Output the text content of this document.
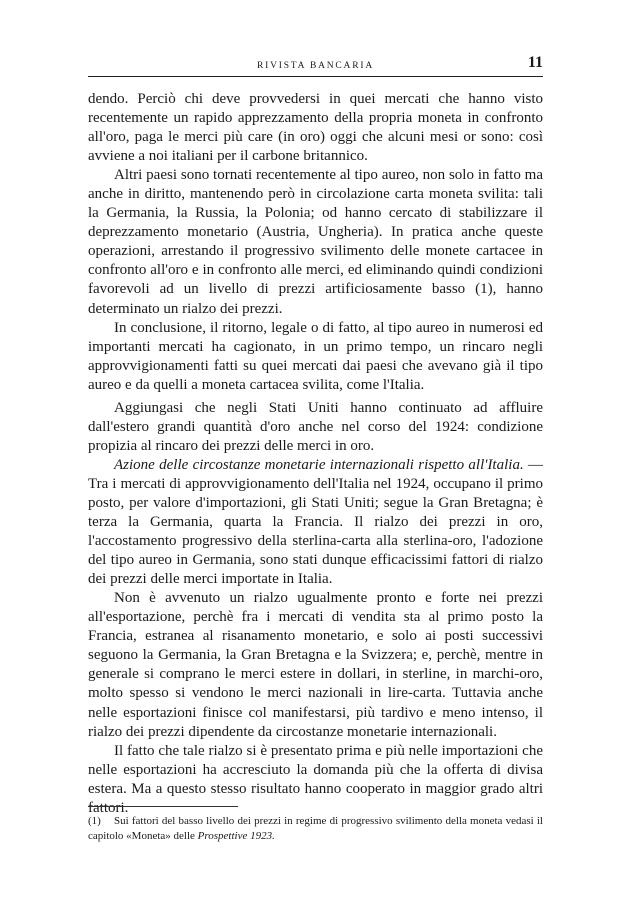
RIVISTA BANCARIA	11

dendo. Perciò chi deve provvedersi in quei mercati che hanno visto recentemente un rapido apprezzamento della propria moneta in confronto all'oro, paga le merci più care (in oro) oggi che alcuni mesi or sono: così avviene a noi italiani per il carbone britannico.

Altri paesi sono tornati recentemente al tipo aureo, non solo in fatto ma anche in diritto, mantenendo però in circolazione carta moneta svilita: tali la Germania, la Russia, la Polonia; od hanno cercato di stabilizzare il deprezzamento monetario (Austria, Ungheria). In pratica anche queste operazioni, arrestando il progressivo svilimento delle monete cartacee in confronto all'oro e in confronto alle merci, ed eliminando quindi condizioni favorevoli ad un livello di prezzi artificiosamente basso (1), hanno determinato un rialzo dei prezzi.

In conclusione, il ritorno, legale o di fatto, al tipo aureo in numerosi ed importanti mercati ha cagionato, in un primo tempo, un rincaro negli approvvigionamenti fatti su quei mercati dai paesi che avevano già il tipo aureo e da quelli a moneta cartacea svilita, come l'Italia.

Aggiungasi che negli Stati Uniti hanno continuato ad affluire dall'estero grandi quantità d'oro anche nel corso del 1924: condizione propizia al rincaro dei prezzi delle merci in oro.

Azione delle circostanze monetarie internazionali rispetto all'Italia. — Tra i mercati di approvvigionamento dell'Italia nel 1924, occupano il primo posto, per valore d'importazioni, gli Stati Uniti; segue la Gran Bretagna; è terza la Germania, quarta la Francia. Il rialzo dei prezzi in oro, l'accostamento progressivo della sterlina-carta alla sterlina-oro, l'adozione del tipo aureo in Germania, sono stati dunque efficacissimi fattori di rialzo dei prezzi delle merci importate in Italia.

Non è avvenuto un rialzo ugualmente pronto e forte nei prezzi all'esportazione, perchè fra i mercati di vendita sta al primo posto la Francia, estranea al risanamento monetario, e solo ai posti successivi seguono la Germania, la Gran Bretagna e la Svizzera; e, perchè, mentre in generale si comprano le merci estere in dollari, in sterline, in marchi-oro, molto spesso si vendono le merci nazionali in lire-carta. Tuttavia anche nelle esportazioni finisce col manifestarsi, più tardivo e meno intenso, il rialzo dei prezzi dipendente da circostanze monetarie internazionali.

Il fatto che tale rialzo si è presentato prima e più nelle importazioni che nelle esportazioni ha accresciuto la domanda più che la offerta di divisa estera. Ma a questo stesso risultato hanno cooperato in maggior grado altri fattori.

(1) Sui fattori del basso livello dei prezzi in regime di progressivo svilimento della moneta vedasi il capitolo «Moneta» delle Prospettive 1923.
